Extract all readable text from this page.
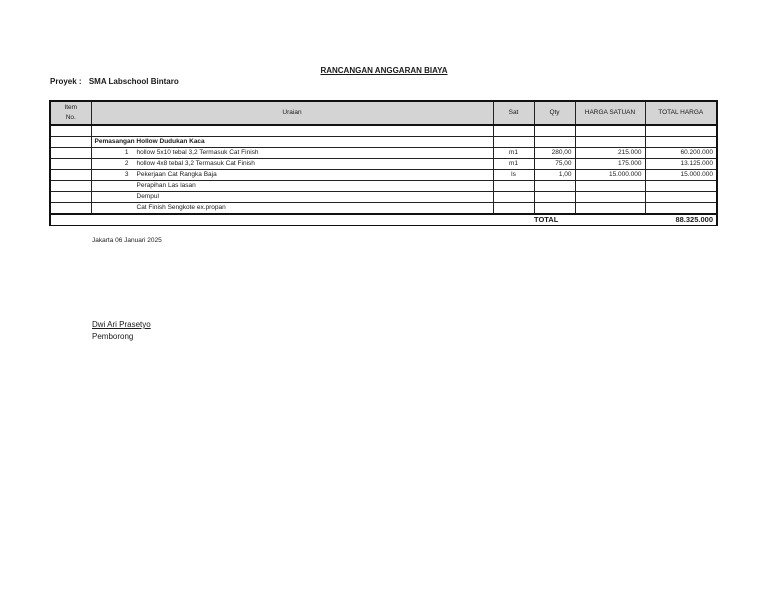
RANCANGAN ANGGARAN BIAYA
Proyek : SMA Labschool Bintaro
Item
No.	Uraian	Sat	Qty	HARGA SATUAN	TOTAL HARGA

	Pemasangan Hollow Dudukan Kaca				
	1 hollow 5x10 tebal 3,2 Termasuk Cat Finish	m1	280,00	215.000	60.200.000
	2 hollow 4x8 tebal 3,2 Termasuk Cat Finish	m1	75,00	175.000	13.125.000
	3 Pekerjaan Cat Rangka Baja	ls	1,00	15.000.000	15.000.000
	Perapihan Las lasan				
	Dempul				
	Cat Finish Sengkote ex.propan				
			TOTAL		88.325.000
Jakarta 06 Januari 2025
Dwi Ari Prasetyo
Pemborong
